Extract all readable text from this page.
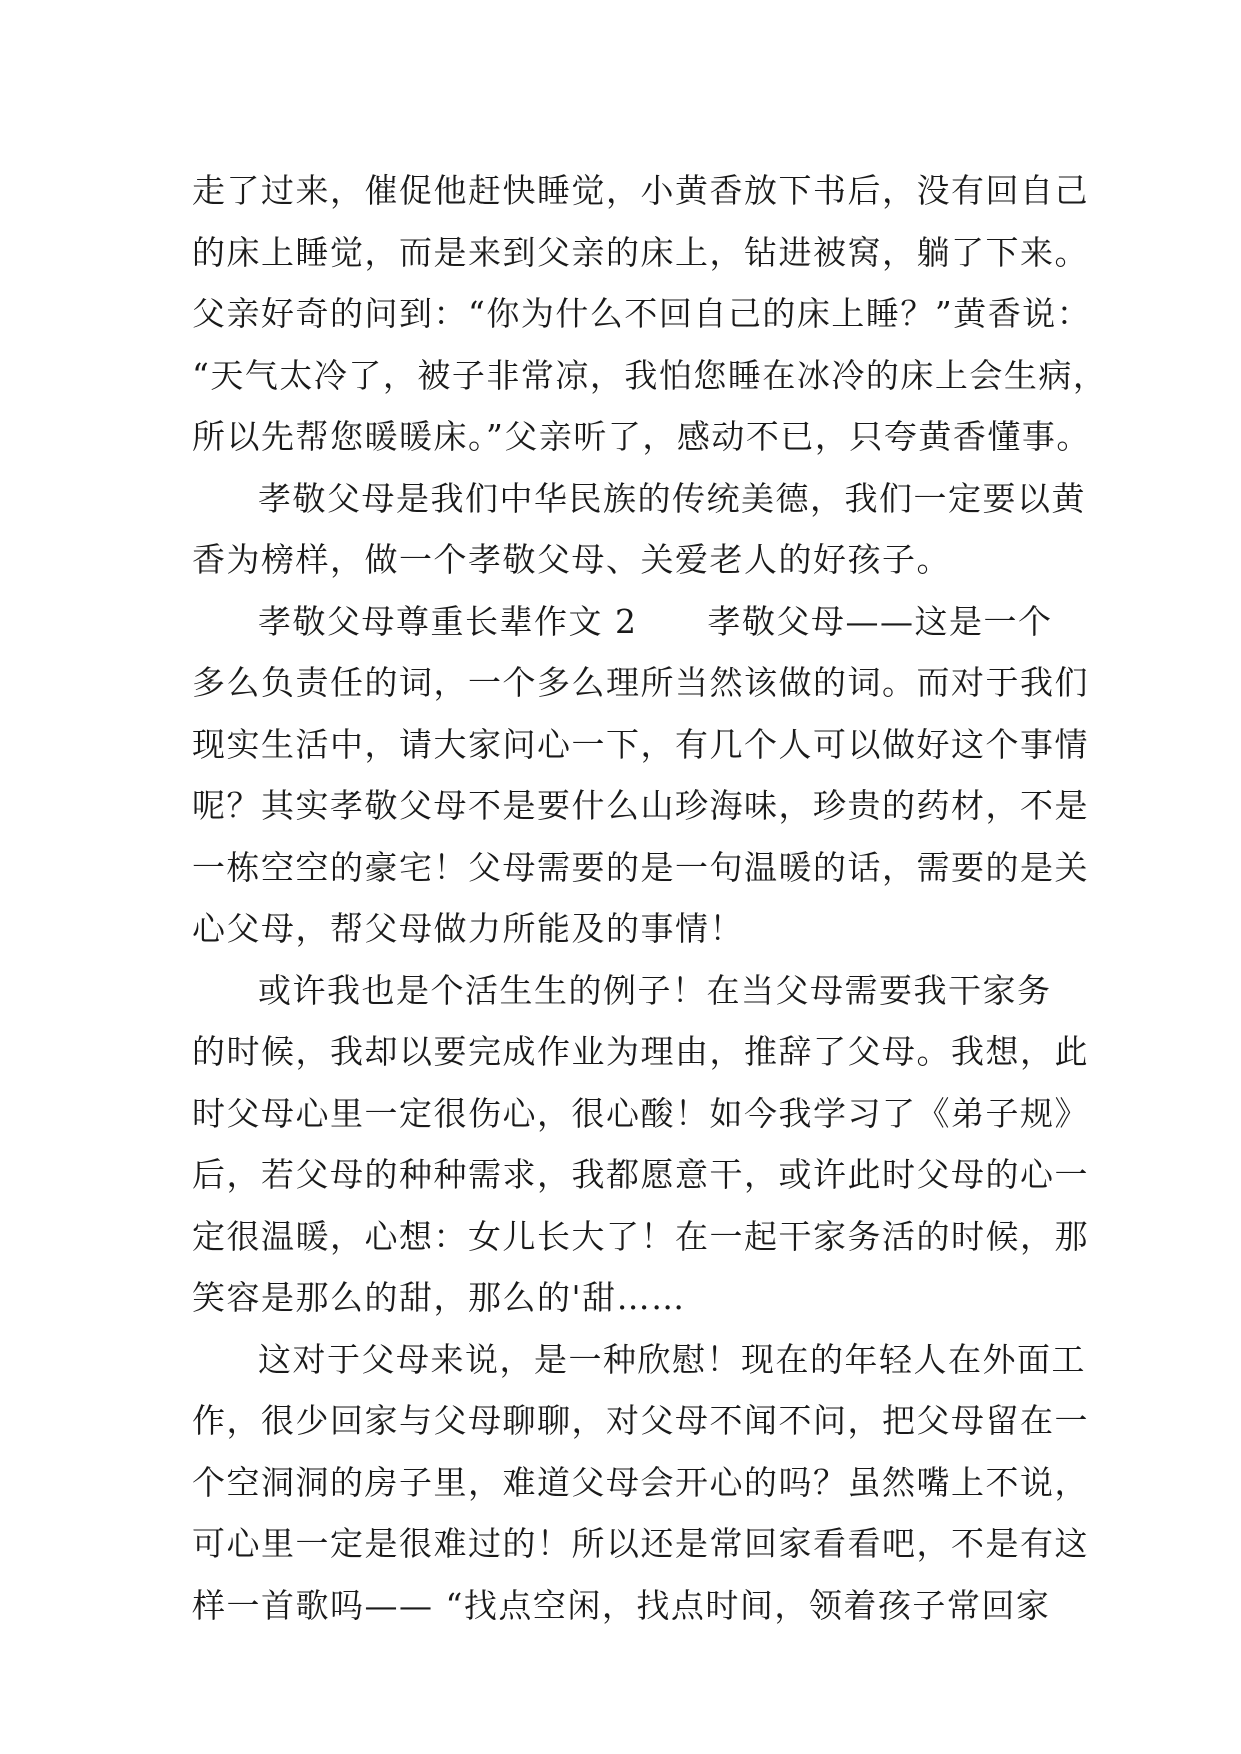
走了过来，催促他赶快睡觉，小黄香放下书后，没有回自己
的床上睡觉，而是来到父亲的床上，钻进被窝，躺了下来。
父亲好奇的问到：“你为什么不回自己的床上睡？”黄香说：
“天气太冷了，被子非常凉，我怕您睡在冰冷的床上会生病，
所以先帮您暖暖床。”父亲听了，感动不已，只夸黄香懂事。
孝敬父母是我们中华民族的传统美德，我们一定要以黄
香为榜样，做一个孝敬父母、关爱老人的好孩子。
孝敬父母尊重长辈作文 2 孝敬父母——这是一个
多么负责任的词，一个多么理所当然该做的词。而对于我们
现实生活中，请大家问心一下，有几个人可以做好这个事情
呢？其实孝敬父母不是要什么山珍海味，珍贵的药材，不是
一栋空空的豪宅！父母需要的是一句温暖的话，需要的是关
心父母，帮父母做力所能及的事情！
或许我也是个活生生的例子！在当父母需要我干家务
的时候，我却以要完成作业为理由，推辞了父母。我想，此
时父母心里一定很伤心，很心酸！如今我学习了《弟子规》
后，若父母的种种需求，我都愿意干，或许此时父母的心一
定很温暖，心想：女儿长大了！在一起干家务活的时候，那
笑容是那么的甜，那么的'甜……
这对于父母来说，是一种欣慰！现在的年轻人在外面工
作，很少回家与父母聊聊，对父母不闻不问，把父母留在一
个空洞洞的房子里，难道父母会开心的吗？虽然嘴上不说，
可心里一定是很难过的！所以还是常回家看看吧，不是有这
样一首歌吗—— “找点空闲，找点时间，领着孩子常回家
